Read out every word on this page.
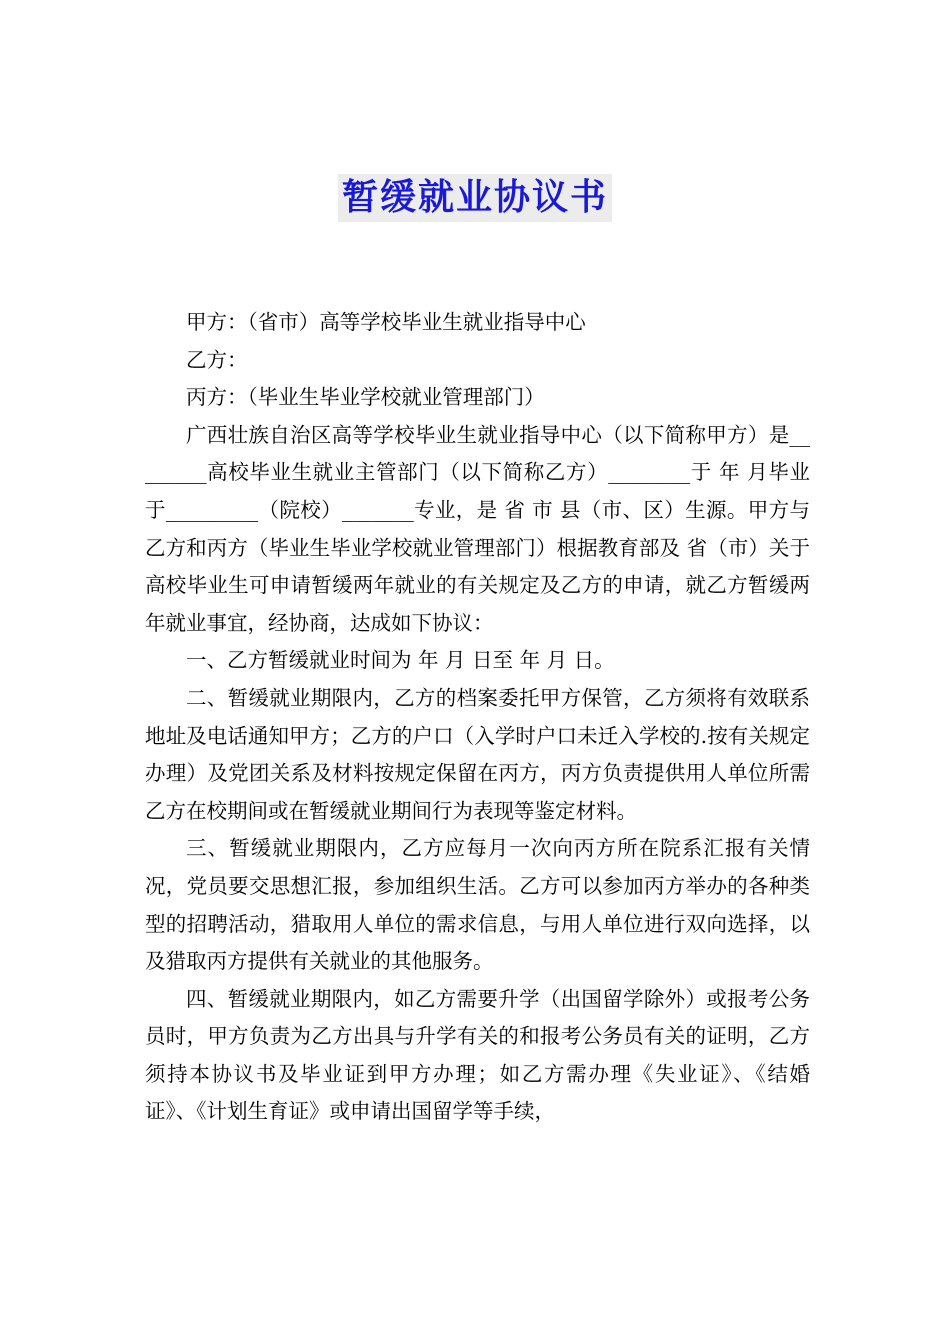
暂缓就业协议书

甲方：（省市）高等学校毕业生就业指导中心

乙方：

丙方：（毕业生毕业学校就业管理部门）

广西壮族自治区高等学校毕业生就业指导中心（以下简称甲方）是________高校毕业生就业主管部门（以下简称乙方）________于 年 月毕业于_________（院校）_______专业，是 省 市 县（市、区）生源。甲方与乙方和丙方（毕业生毕业学校就业管理部门）根据教育部及 省（市）关于高校毕业生可申请暂缓两年就业的有关规定及乙方的申请，就乙方暂缓两年就业事宜，经协商，达成如下协议：

一、乙方暂缓就业时间为 年 月 日至 年 月 日。

二、暂缓就业期限内，乙方的档案委托甲方保管，乙方须将有效联系地址及电话通知甲方；乙方的户口（入学时户口未迁入学校的.按有关规定办理）及党团关系及材料按规定保留在丙方，丙方负责提供用人单位所需乙方在校期间或在暂缓就业期间行为表现等鉴定材料。

三、暂缓就业期限内，乙方应每月一次向丙方所在院系汇报有关情况，党员要交思想汇报，参加组织生活。乙方可以参加丙方举办的各种类型的招聘活动，猎取用人单位的需求信息，与用人单位进行双向选择，以及猎取丙方提供有关就业的其他服务。

四、暂缓就业期限内，如乙方需要升学（出国留学除外）或报考公务员时，甲方负责为乙方出具与升学有关的和报考公务员有关的证明，乙方须持本协议书及毕业证到甲方办理；如乙方需办理《失业证》、《结婚证》、《计划生育证》或申请出国留学等手续，
